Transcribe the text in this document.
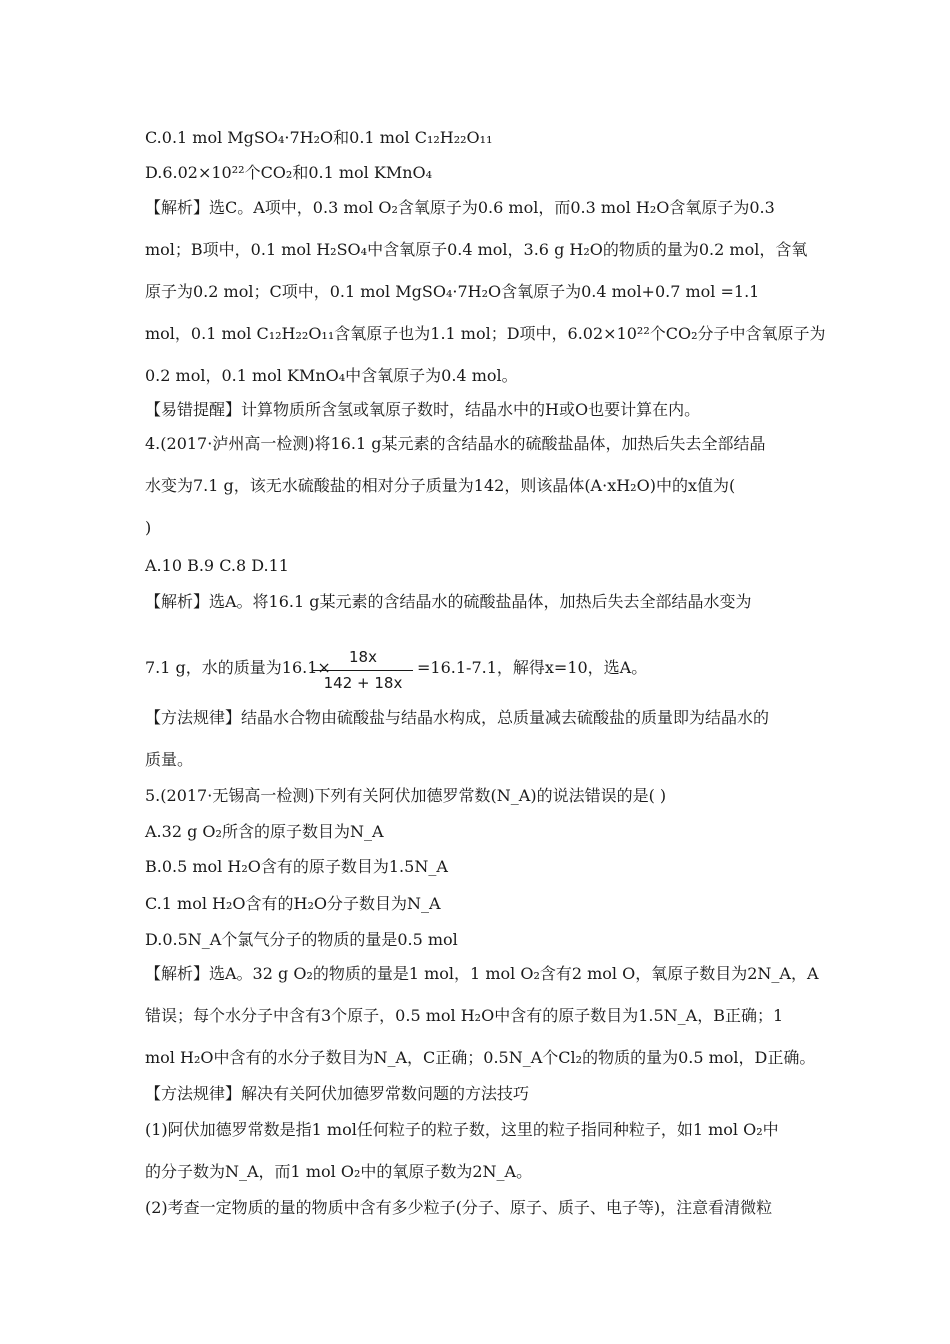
C.0.1 mol MgSO₄·7H₂O和0.1 mol C₁₂H₂₂O₁₁
D.6.02×10²²个CO₂和0.1 mol KMnO₄
【解析】选C。A项中，0.3 mol O₂含氧原子为0.6 mol，而0.3 mol H₂O含氧原子为0.3
mol；B项中，0.1 mol H₂SO₄中含氧原子0.4 mol，3.6 g H₂O的物质的量为0.2 mol，含氧
原子为0.2 mol；C项中，0.1 mol MgSO₄·7H₂O含氧原子为0.4 mol+0.7 mol =1.1
mol，0.1 mol C₁₂H₂₂O₁₁含氧原子也为1.1 mol；D项中，6.02×10²²个CO₂分子中含氧原子为
0.2 mol，0.1 mol KMnO₄中含氧原子为0.4 mol。
【易错提醒】计算物质所含氢或氧原子数时，结晶水中的H或O也要计算在内。
4.(2017·泸州高一检测)将16.1 g某元素的含结晶水的硫酸盐晶体，加热后失去全部结晶
水变为7.1 g，该无水硫酸盐的相对分子质量为142，则该晶体(A·xH₂O)中的x值为(
)
A.10 B.9 C.8 D.11
【解析】选A。将16.1 g某元素的含结晶水的硫酸盐晶体，加热后失去全部结晶水变为
7.1 g，水的质量为16.1×
18x
142 + 18x
=16.1-7.1，解得x=10，选A。
【方法规律】结晶水合物由硫酸盐与结晶水构成，总质量减去硫酸盐的质量即为结晶水的
质量。
5.(2017·无锡高一检测)下列有关阿伏加德罗常数(N_A)的说法错误的是( )
A.32 g O₂所含的原子数目为N_A
B.0.5 mol H₂O含有的原子数目为1.5N_A
C.1 mol H₂O含有的H₂O分子数目为N_A
D.0.5N_A个氯气分子的物质的量是0.5 mol
【解析】选A。32 g O₂的物质的量是1 mol，1 mol O₂含有2 mol O，氧原子数目为2N_A，A
错误；每个水分子中含有3个原子，0.5 mol H₂O中含有的原子数目为1.5N_A，B正确；1
mol H₂O中含有的水分子数目为N_A，C正确；0.5N_A个Cl₂的物质的量为0.5 mol，D正确。
【方法规律】解决有关阿伏加德罗常数问题的方法技巧
(1)阿伏加德罗常数是指1 mol任何粒子的粒子数，这里的粒子指同种粒子，如1 mol O₂中
的分子数为N_A，而1 mol O₂中的氧原子数为2N_A。
(2)考查一定物质的量的物质中含有多少粒子(分子、原子、质子、电子等)，注意看清微粒
